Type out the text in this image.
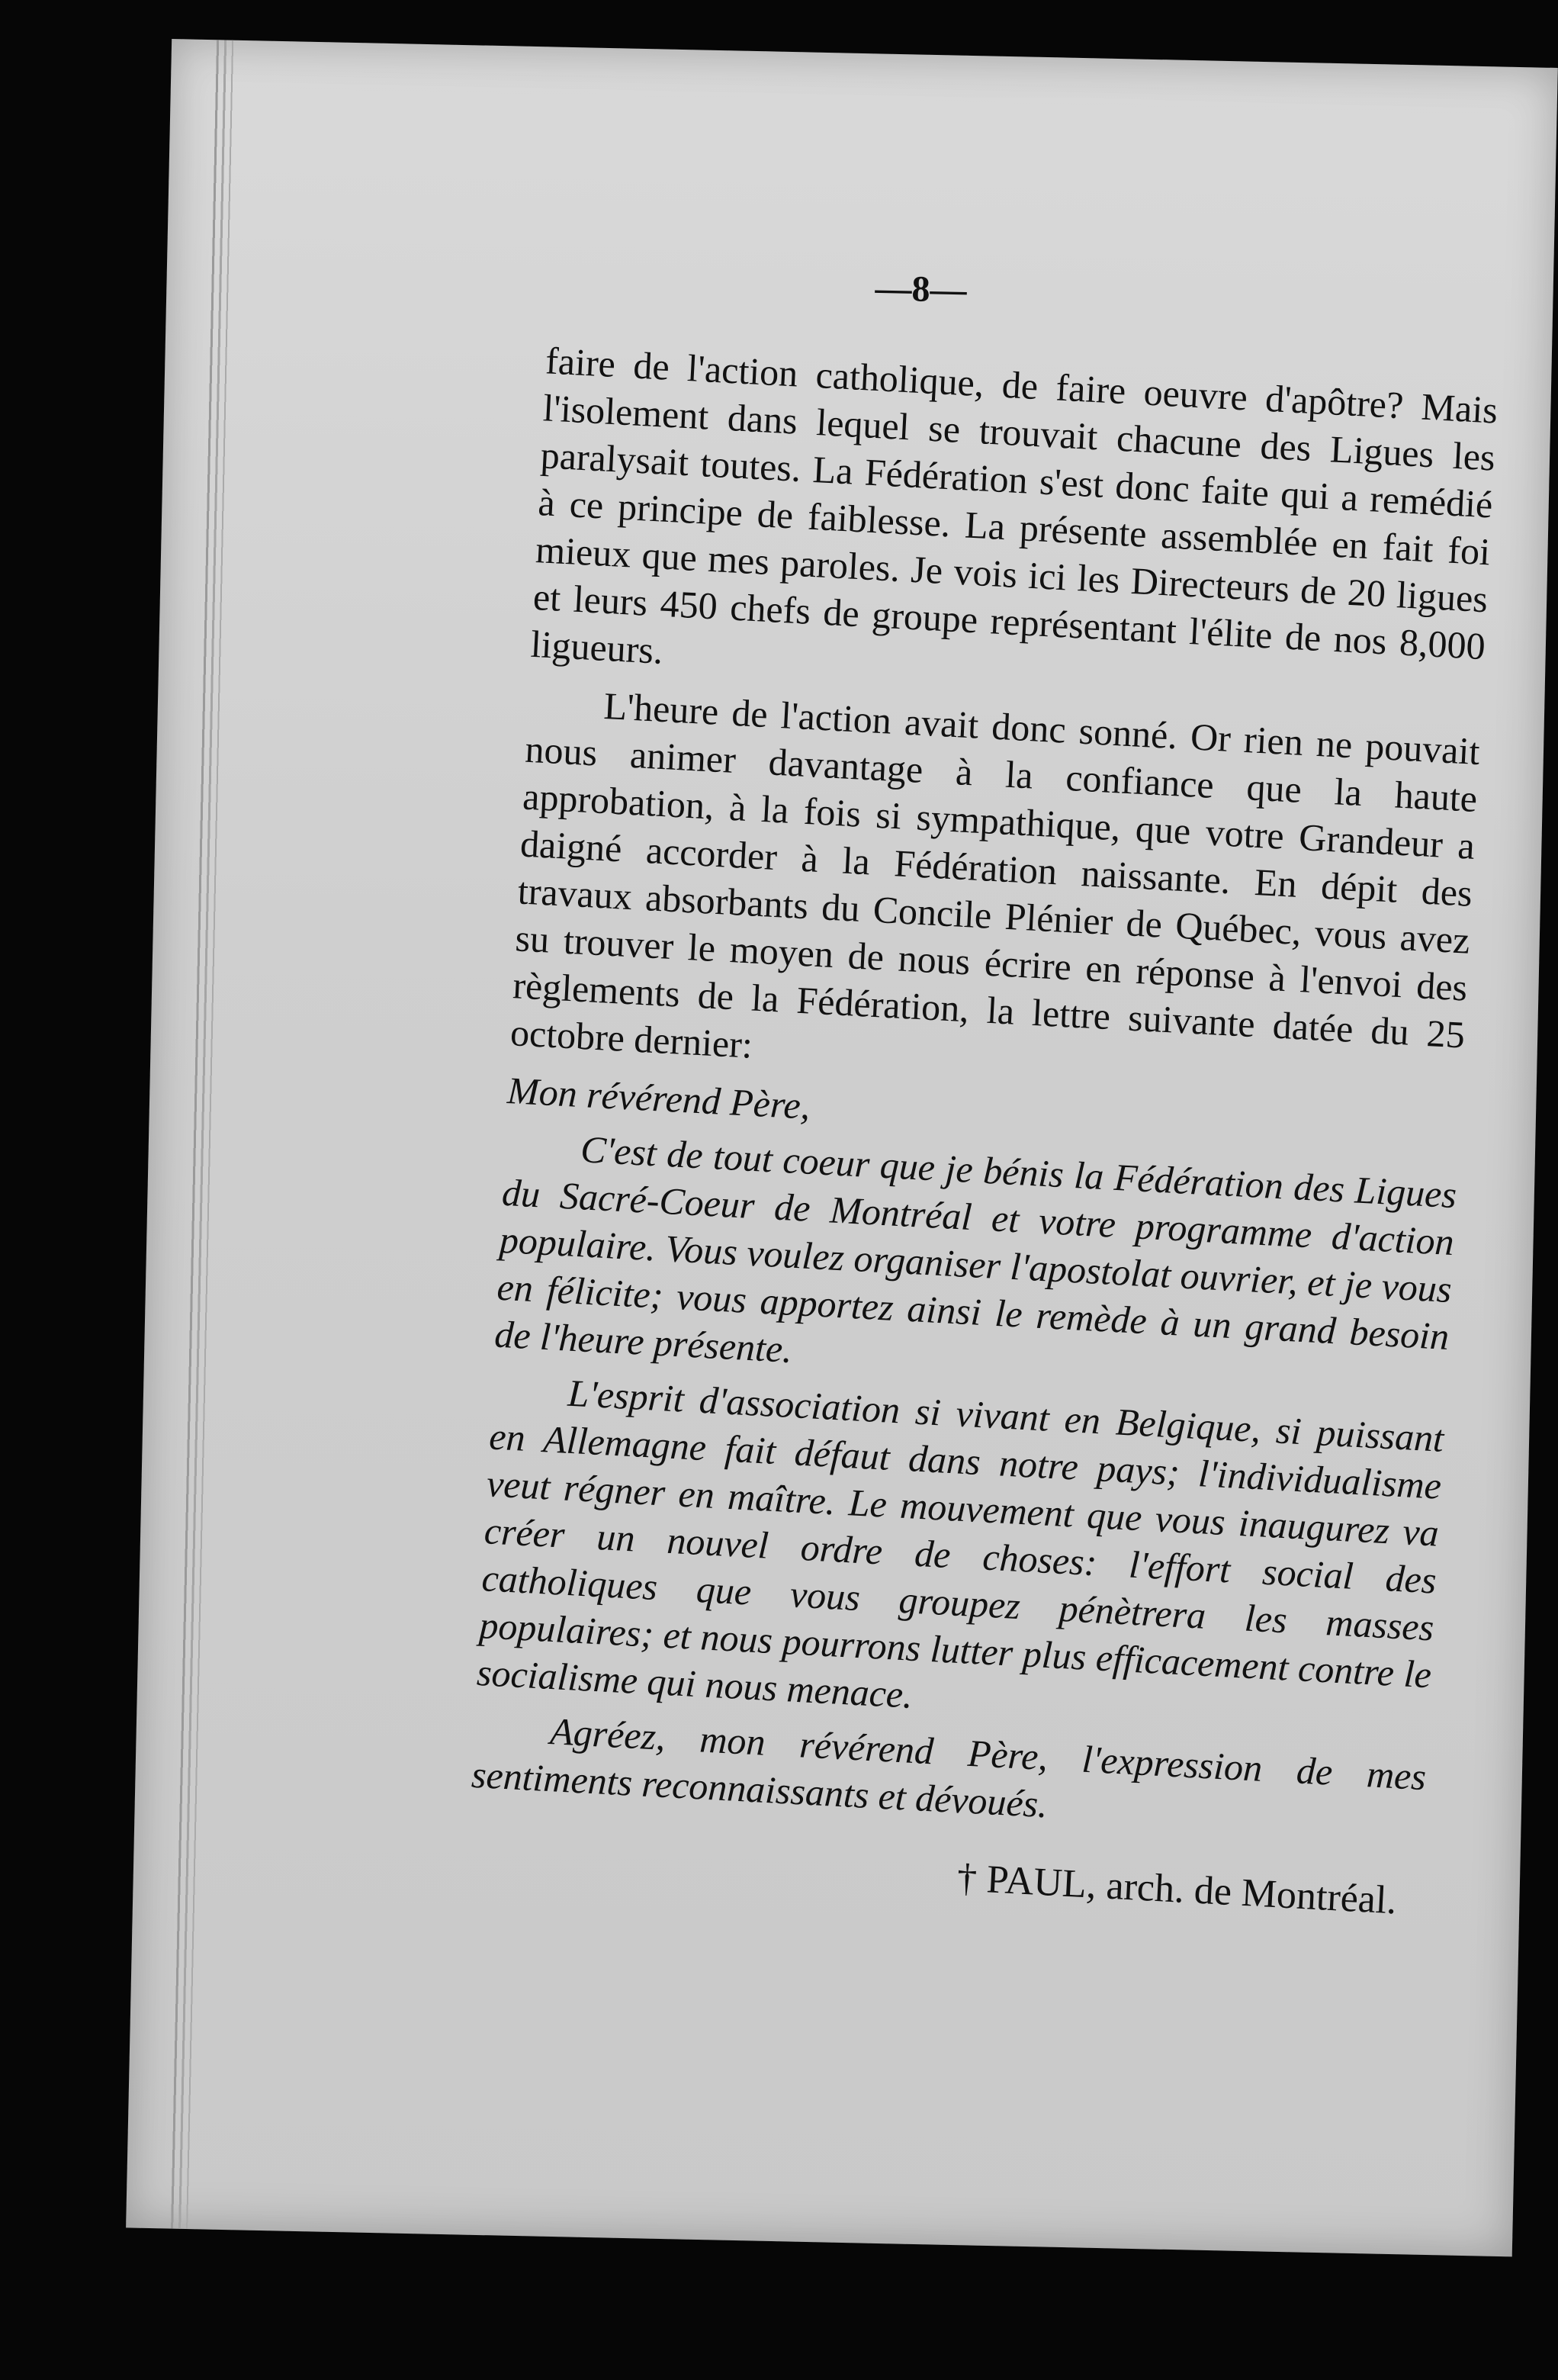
—8—

faire de l'action catholique, de faire oeuvre d'apôtre? Mais l'isolement dans lequel se trouvait chacune des Ligues les paralysait toutes. La Fédération s'est donc faite qui a remédié à ce principe de faiblesse. La présente assemblée en fait foi mieux que mes paroles. Je vois ici les Directeurs de 20 ligues et leurs 450 chefs de groupe représentant l'élite de nos 8,000 ligueurs.

L'heure de l'action avait donc sonné. Or rien ne pouvait nous animer davantage à la confiance que la haute approbation, à la fois si sympathique, que votre Grandeur a daigné accorder à la Fédération naissante. En dépit des travaux absorbants du Concile Plénier de Québec, vous avez su trouver le moyen de nous écrire en réponse à l'envoi des règlements de la Fédération, la lettre suivante datée du 25 octobre dernier:

Mon révérend Père,

C'est de tout coeur que je bénis la Fédération des Ligues du Sacré-Coeur de Montréal et votre programme d'action populaire. Vous voulez organiser l'apostolat ouvrier, et je vous en félicite; vous apportez ainsi le remède à un grand besoin de l'heure présente.

L'esprit d'association si vivant en Belgique, si puissant en Allemagne fait défaut dans notre pays; l'individualisme veut régner en maître. Le mouvement que vous inaugurez va créer un nouvel ordre de choses: l'effort social des catholiques que vous groupez pénètrera les masses populaires; et nous pourrons lutter plus efficacement contre le socialisme qui nous menace.

Agréez, mon révérend Père, l'expression de mes sentiments reconnaissants et dévoués.

† PAUL, arch. de Montréal.
